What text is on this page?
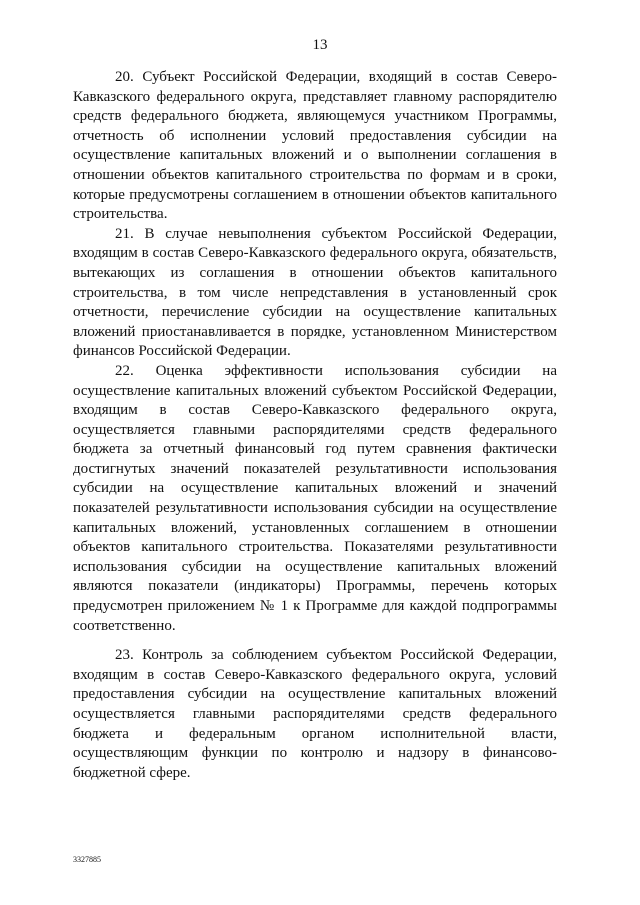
13

20. Субъект Российской Федерации, входящий в состав Северо-Кавказского федерального округа, представляет главному распорядителю средств федерального бюджета, являющемуся участником Программы, отчетность об исполнении условий предоставления субсидии на осуществление капитальных вложений и о выполнении соглашения в отношении объектов капитального строительства по формам и в сроки, которые предусмотрены соглашением в отношении объектов капитального строительства.

21. В случае невыполнения субъектом Российской Федерации, входящим в состав Северо-Кавказского федерального округа, обязательств, вытекающих из соглашения в отношении объектов капитального строительства, в том числе непредставления в установленный срок отчетности, перечисление субсидии на осуществление капитальных вложений приостанавливается в порядке, установленном Министерством финансов Российской Федерации.

22. Оценка эффективности использования субсидии на осуществление капитальных вложений субъектом Российской Федерации, входящим в состав Северо-Кавказского федерального округа, осуществляется главными распорядителями средств федерального бюджета за отчетный финансовый год путем сравнения фактически достигнутых значений показателей результативности использования субсидии на осуществление капитальных вложений и значений показателей результативности использования субсидии на осуществление капитальных вложений, установленных соглашением в отношении объектов капитального строительства. Показателями результативности использования субсидии на осуществление капитальных вложений являются показатели (индикаторы) Программы, перечень которых предусмотрен приложением № 1 к Программе для каждой подпрограммы соответственно.

23. Контроль за соблюдением субъектом Российской Федерации, входящим в состав Северо-Кавказского федерального округа, условий предоставления субсидии на осуществление капитальных вложений осуществляется главными распорядителями средств федерального бюджета и федеральным органом исполнительной власти, осуществляющим функции по контролю и надзору в финансово-бюджетной сфере.

3327885
